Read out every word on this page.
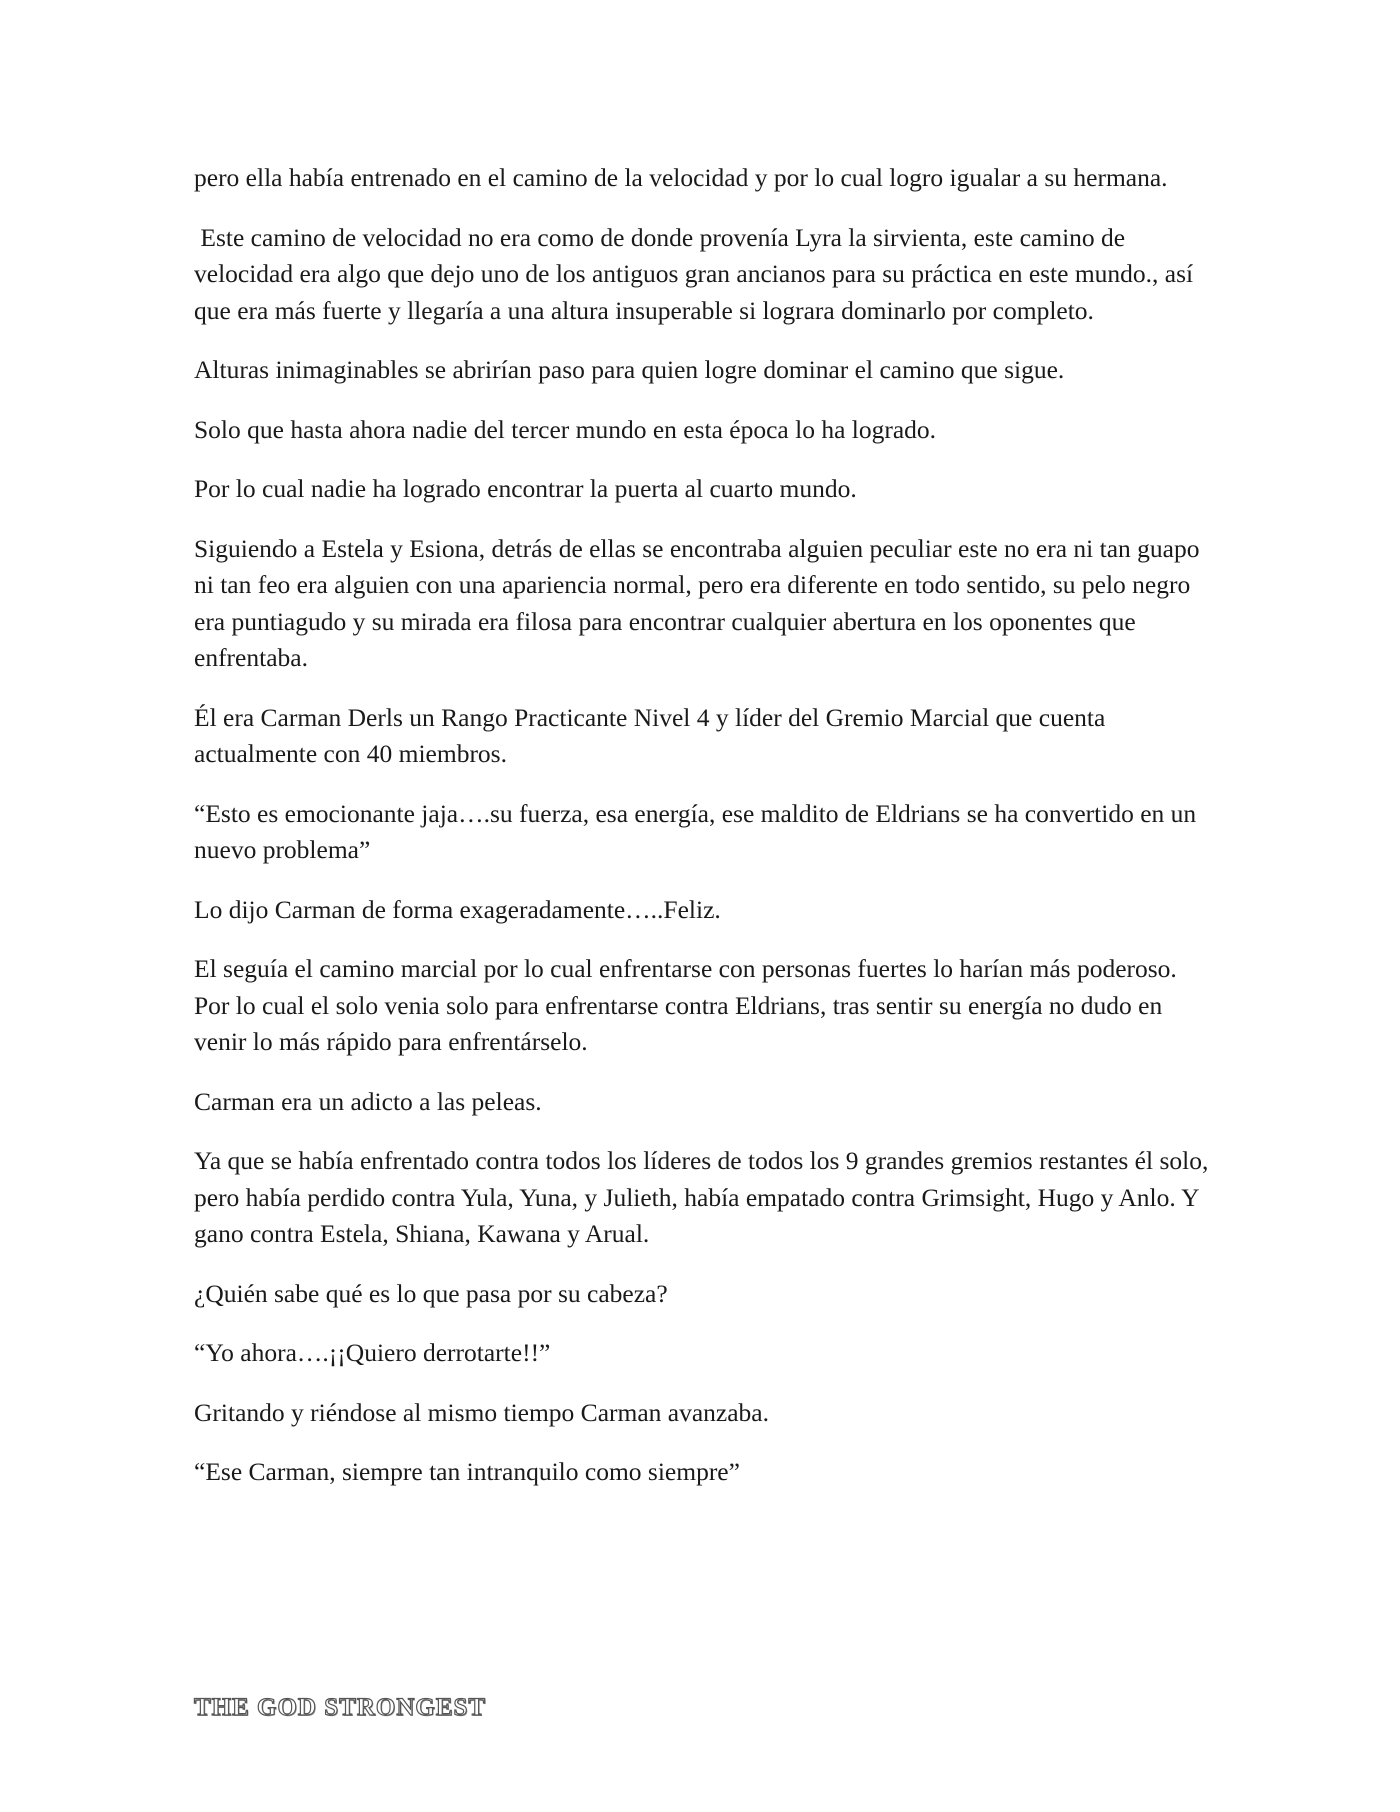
pero ella había entrenado en el camino de la velocidad y por lo cual logro igualar a su hermana.

Este camino de velocidad no era como de donde provenía Lyra la sirvienta, este camino de velocidad era algo que dejo uno de los antiguos gran ancianos para su práctica en este mundo., así que era más fuerte y llegaría a una altura insuperable si lograra dominarlo por completo.

Alturas inimaginables se abrirían paso para quien logre dominar el camino que sigue.

Solo que hasta ahora nadie del tercer mundo en esta época lo ha logrado.

Por lo cual nadie ha logrado encontrar la puerta al cuarto mundo.

Siguiendo a Estela y Esiona, detrás de ellas se encontraba alguien peculiar este no era ni tan guapo ni tan feo era alguien con una apariencia normal, pero era diferente en todo sentido, su pelo negro era puntiagudo y su mirada era filosa para encontrar cualquier abertura en los oponentes que enfrentaba.

Él era Carman Derls un Rango Practicante Nivel 4 y líder del Gremio Marcial que cuenta actualmente con 40 miembros.

“Esto es emocionante jaja….su fuerza, esa energía, ese maldito de Eldrians se ha convertido en un nuevo problema”

Lo dijo Carman de forma exageradamente…..Feliz.

El seguía el camino marcial por lo cual enfrentarse con personas fuertes lo harían más poderoso. Por lo cual el solo venia solo para enfrentarse contra Eldrians, tras sentir su energía no dudo en venir lo más rápido para enfrentárselo.

Carman era un adicto a las peleas.

Ya que se había enfrentado contra todos los líderes de todos los 9 grandes gremios restantes él solo, pero había perdido contra Yula, Yuna, y Julieth, había empatado contra Grimsight, Hugo y Anlo. Y gano contra Estela, Shiana, Kawana y Arual.

¿Quién sabe qué es lo que pasa por su cabeza?

“Yo ahora….¡¡Quiero derrotarte!!”

Gritando y riéndose al mismo tiempo Carman avanzaba.

“Ese Carman, siempre tan intranquilo como siempre”

THE GOD STRONGEST
